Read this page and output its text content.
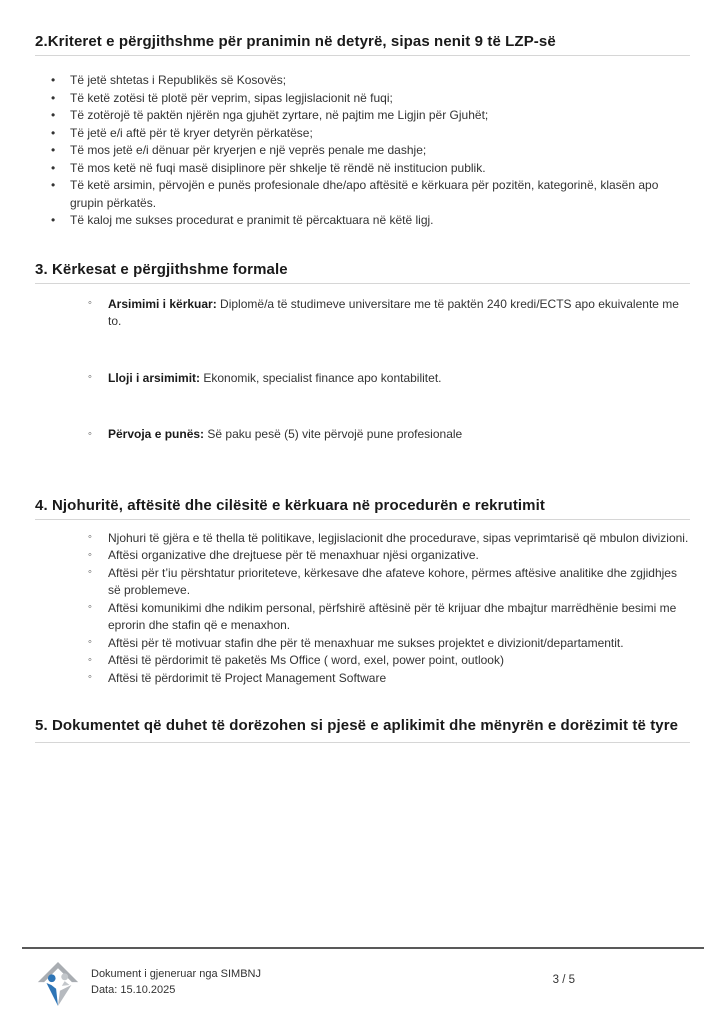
2.Kriteret e përgjithshme për pranimin në detyrë, sipas nenit 9 të LZP-së
• Të jetë shtetas i Republikës së Kosovës;
• Të ketë zotësi të plotë për veprim, sipas legjislacionit në fuqi;
• Të zotërojë të paktën njërën nga gjuhët zyrtare, në pajtim me Ligjin për Gjuhët;
• Të jetë e/i aftë për të kryer detyrën përkatëse;
• Të mos jetë e/i dënuar për kryerjen e një veprës penale me dashje;
• Të mos ketë në fuqi masë disiplinore për shkelje të rëndë në institucion publik.
• Të ketë arsimin, përvojën e punës profesionale dhe/apo aftësitë e kërkuara për pozitën, kategorinë, klasën apo grupin përkatës.
• Të kaloj me sukses procedurat e pranimit të përcaktuara në këtë ligj.
3. Kërkesat e përgjithshme formale
◦ Arsimimi i kërkuar: Diplomë/a të studimeve universitare me të paktën 240 kredi/ECTS apo ekuivalente me to.
◦ Lloji i arsimimit: Ekonomik, specialist finance apo kontabilitet.
◦ Përvoja e punës: Së paku pesë (5) vite përvojë pune profesionale
4. Njohuritë, aftësitë dhe cilësitë e kërkuara në procedurën e rekrutimit
◦ Njohuri të gjëra e të thella të politikave, legjislacionit dhe procedurave, sipas veprimtarisë që mbulon divizioni.
◦ Aftësi organizative dhe drejtuese për të menaxhuar njësi organizative.
◦ Aftësi për t’iu përshtatur prioriteteve, kërkesave dhe afateve kohore, përmes aftësive analitike dhe zgjidhjes së problemeve.
◦ Aftësi komunikimi dhe ndikim personal, përfshirë aftësinë për të krijuar dhe mbajtur marrëdhënie besimi me eprorin dhe stafin që e menaxhon.
◦ Aftësi për të motivuar stafin dhe për të menaxhuar me sukses projektet e divizionit/departamentit.
◦ Aftësi të përdorimit të paketës Ms Office ( word, exel, power point, outlook)
◦ Aftësi të përdorimit të Project Management Software
5. Dokumentet që duhet të dorëzohen si pjesë e aplikimit dhe mënyrën e dorëzimit të tyre
Dokument i gjeneruar nga SIMBNJ
Data: 15.10.2025
3 / 5
